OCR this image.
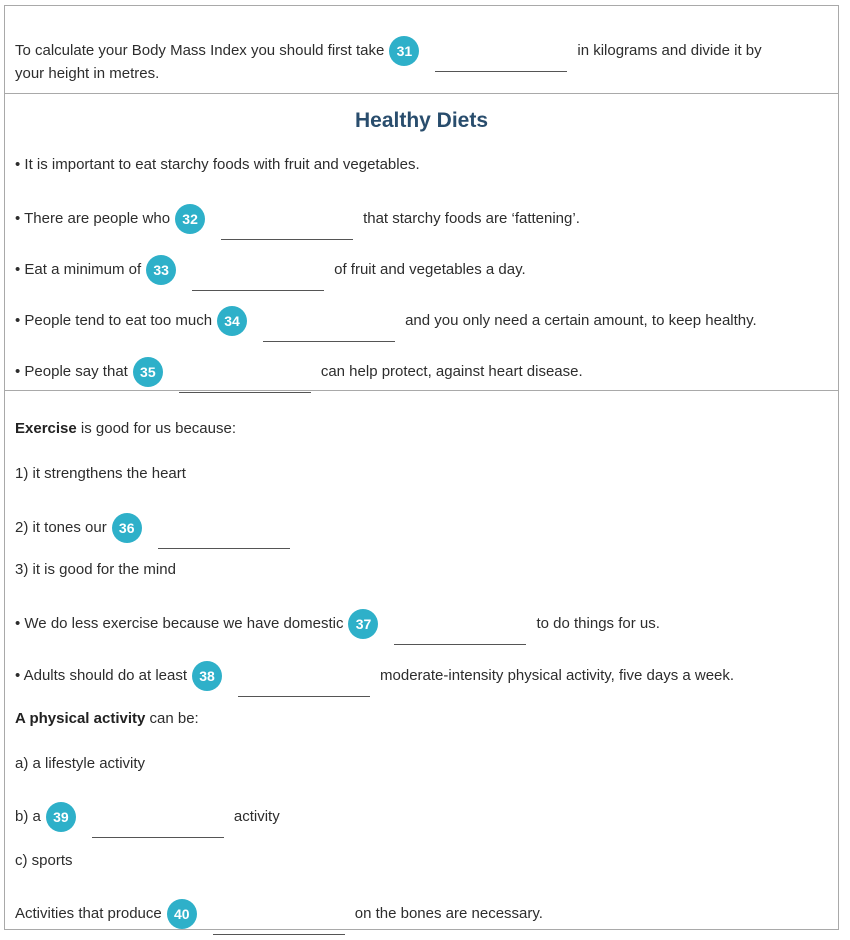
To calculate your Body Mass Index you should first take 31	in kilograms and divide it by
your height in metres.
Healthy Diets
• It is important to eat starchy foods with fruit and vegetables.
• There are people who 32	that starchy foods are ‘fattening’.
• Eat a minimum of 33	of fruit and vegetables a day.
• People tend to eat too much 34	and you only need a certain amount, to keep healthy.
• People say that 35	can help protect, against heart disease.
Exercise is good for us because:
1) it strengthens the heart
2) it tones our 36
3) it is good for the mind
• We do less exercise because we have domestic 37	to do things for us.
• Adults should do at least 38	moderate-intensity physical activity, five days a week.
A physical activity can be:
a) a lifestyle activity
b) a 39	activity
c) sports
Activities that produce 40	on the bones are necessary.
